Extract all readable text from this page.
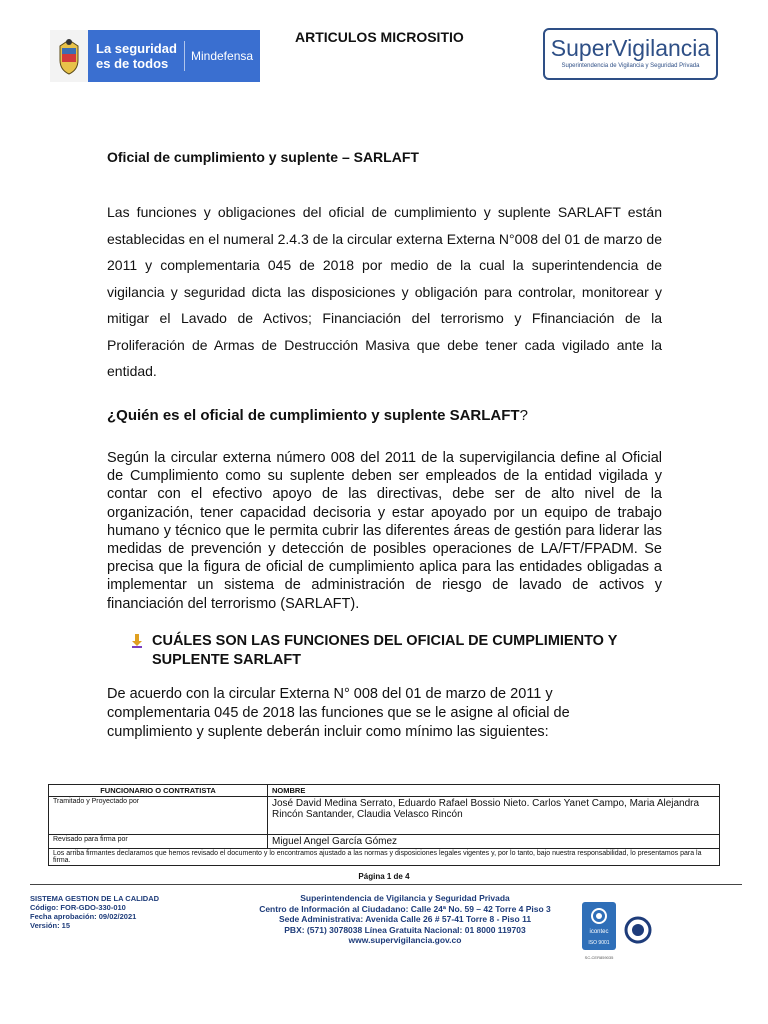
La seguridad es de todos	Mindefensa
ARTICULOS MICROSITIO	SuperVigilancia
Superintendencia de Vigilancia y Seguridad Privada
Oficial de cumplimiento y suplente – SARLAFT
Las funciones y obligaciones del oficial de cumplimiento y suplente SARLAFT están establecidas en el numeral 2.4.3 de la circular externa Externa N°008 del 01 de marzo de 2011 y complementaria 045 de 2018 por medio de la cual la superintendencia de vigilancia y seguridad dicta las disposiciones y obligación para controlar, monitorear y mitigar el Lavado de Activos; Financiación del terrorismo y Ffinanciación de la Proliferación de Armas de Destrucción Masiva que debe tener cada vigilado ante la entidad.
¿Quién es el oficial de cumplimiento y suplente SARLAFT?
Según la circular externa número 008 del 2011 de la supervigilancia define al Oficial de Cumplimiento como su suplente deben ser empleados de la entidad vigilada y contar con el efectivo apoyo de las directivas, debe ser de alto nivel de la organización, tener capacidad decisoria y estar apoyado por un equipo de trabajo humano y técnico que le permita cubrir las diferentes áreas de gestión para liderar las medidas de prevención y detección de posibles operaciones de LA/FT/FPADM. Se precisa que la figura de oficial de cumplimiento aplica para las entidades obligadas a implementar un sistema de administración de riesgo de lavado de activos y financiación del terrorismo (SARLAFT).
CUÁLES SON LAS FUNCIONES DEL OFICIAL DE CUMPLIMIENTO Y SUPLENTE SARLAFT
De acuerdo con la circular Externa N° 008 del 01 de marzo de 2011 y complementaria 045 de 2018 las funciones que se le asigne al oficial de cumplimiento y suplente deberán incluir como mínimo las siguientes:
FUNCIONARIO O CONTRATISTA	NOMBRE
Tramitado y Proyectado por	José David Medina Serrato, Eduardo Rafael Bossio Nieto. Carlos Yanet Campo, Maria Alejandra Rincón Santander, Claudia Velasco Rincón
Revisado para firma por	Miguel Angel García Gómez
Los arriba firmantes declaramos que hemos revisado el documento y lo encontramos ajustado a las normas y disposiciones legales vigentes y, por lo tanto, bajo nuestra responsabilidad, lo presentamos para la firma.	
Página 1 de 4
SISTEMA GESTION DE LA CALIDAD
Código: FOR-GDO-330-010
Fecha aprobación: 09/02/2021
Versión: 15
Superintendencia de Vigilancia y Seguridad Privada
Centro de Información al Ciudadano: Calle 24ª No. 59 – 42 Torre 4 Piso 3
Sede Administrativa: Avenida Calle 26 # 57-41 Torre 8 - Piso 11
PBX: (571) 3078038 Línea Gratuita Nacional: 01 8000 119703
www.supervigilancia.gov.co
icontec
ISO 9001
SC-CER859035
